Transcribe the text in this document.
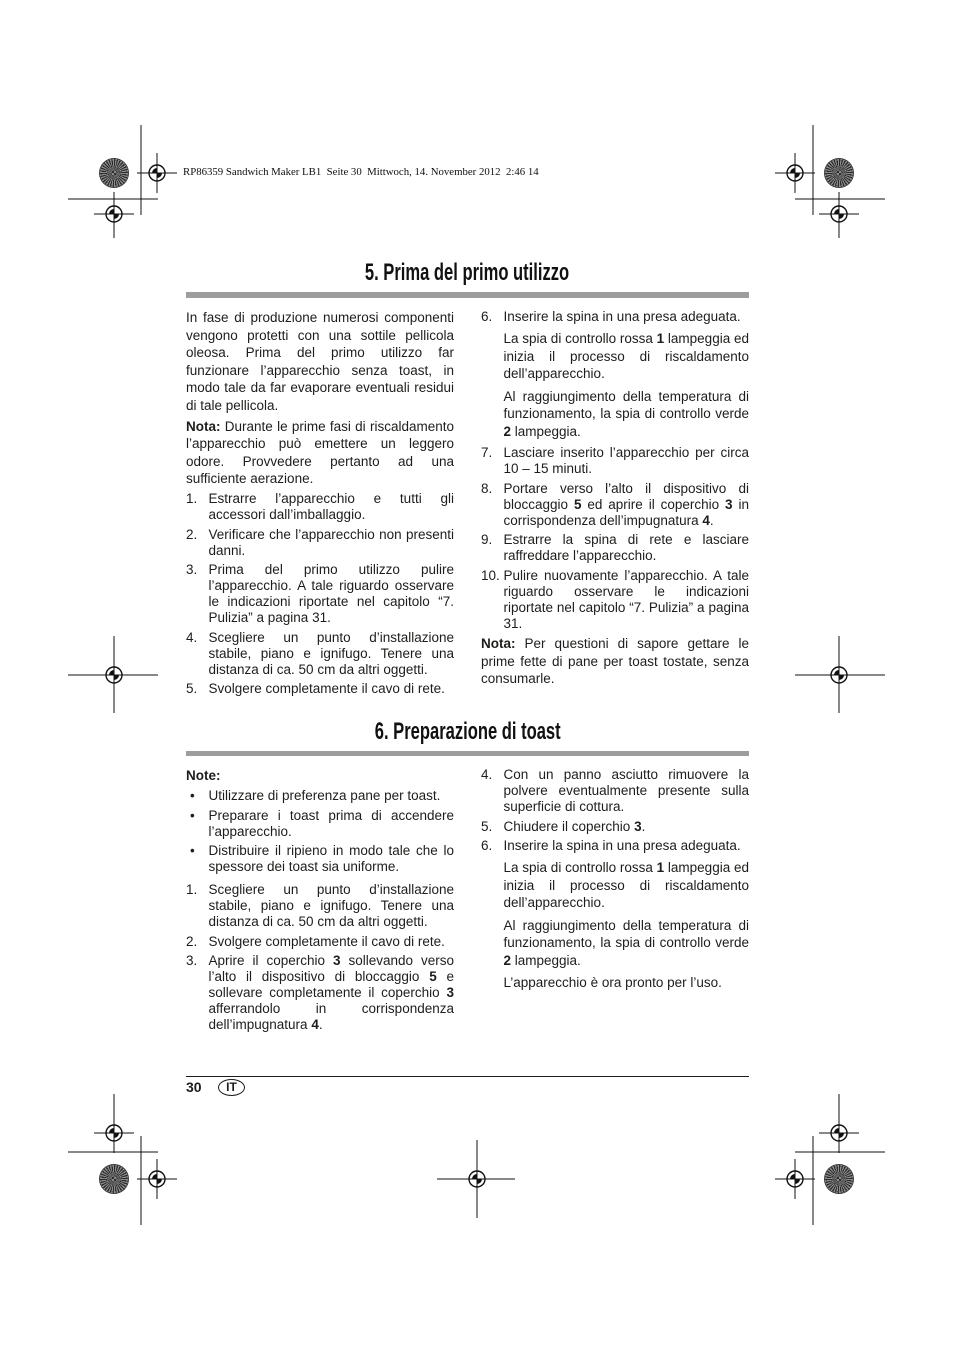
RP86359 Sandwich Maker LB1  Seite 30  Mittwoch, 14. November 2012  2:46 14
5. Prima del primo utilizzo
In fase di produzione numerosi componenti vengono protetti con una sottile pellicola oleosa. Prima del primo utilizzo far funzionare l’apparecchio senza toast, in modo tale da far evaporare eventuali residui di tale pellicola.
Nota: Durante le prime fasi di riscaldamento l’apparecchio può emettere un leggero odore. Provvedere pertanto ad una sufficiente aerazione.
1. Estrarre l’apparecchio e tutti gli accessori dall’imballaggio.
2. Verificare che l’apparecchio non presenti danni.
3. Prima del primo utilizzo pulire l’apparecchio. A tale riguardo osservare le indicazioni riportate nel capitolo “7. Pulizia” a pagina 31.
4. Scegliere un punto d’installazione stabile, piano e ignifugo. Tenere una distanza di ca. 50 cm da altri oggetti.
5. Svolgere completamente il cavo di rete.
6. Inserire la spina in una presa adeguata.
La spia di controllo rossa 1 lampeggia ed inizia il processo di riscaldamento dell’apparecchio.
Al raggiungimento della temperatura di funzionamento, la spia di controllo verde 2 lampeggia.
7. Lasciare inserito l’apparecchio per circa 10 – 15 minuti.
8. Portare verso l’alto il dispositivo di bloccaggio 5 ed aprire il coperchio 3 in corrispondenza dell’impugnatura 4.
9. Estrarre la spina di rete e lasciare raffreddare l’apparecchio.
10. Pulire nuovamente l’apparecchio. A tale riguardo osservare le indicazioni riportate nel capitolo “7. Pulizia” a pagina 31.
Nota: Per questioni di sapore gettare le prime fette di pane per toast tostate, senza consumarle.
6. Preparazione di toast
Note:
• Utilizzare di preferenza pane per toast.
• Preparare i toast prima di accendere l’apparecchio.
• Distribuire il ripieno in modo tale che lo spessore dei toast sia uniforme.
1. Scegliere un punto d’installazione stabile, piano e ignifugo. Tenere una distanza di ca. 50 cm da altri oggetti.
2. Svolgere completamente il cavo di rete.
3. Aprire il coperchio 3 sollevando verso l’alto il dispositivo di bloccaggio 5 e sollevare completamente il coperchio 3 afferrandolo in corrispondenza dell’impugnatura 4.
4. Con un panno asciutto rimuovere la polvere eventualmente presente sulla superficie di cottura.
5. Chiudere il coperchio 3.
6. Inserire la spina in una presa adeguata.
La spia di controllo rossa 1 lampeggia ed inizia il processo di riscaldamento dell’apparecchio.
Al raggiungimento della temperatura di funzionamento, la spia di controllo verde 2 lampeggia.
L’apparecchio è ora pronto per l’uso.
30	IT
